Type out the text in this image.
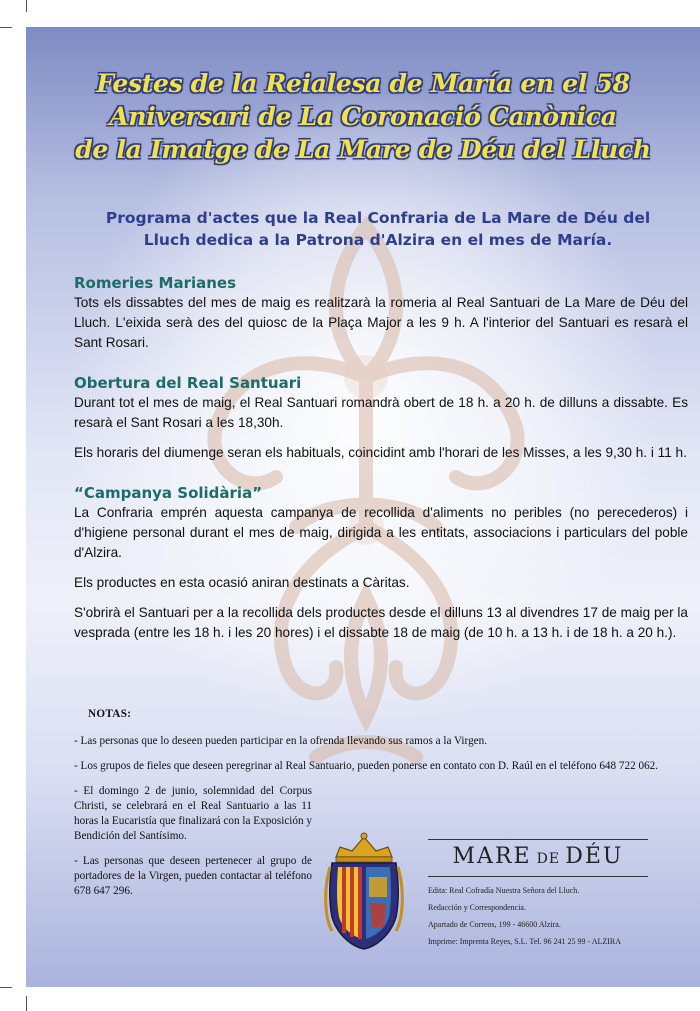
Festes de la Reialesa de María en el 58
Aniversari de La Coronació Canònica
de la Imatge de La Mare de Déu del Lluch
Programa d'actes que la Real Confraria de La Mare de Déu del
Lluch dedica a la Patrona d'Alzira en el mes de María.
Romeries Marianes

Tots els dissabtes del mes de maig es realitzarà la romeria al Real Santuari de La Mare de Déu del Lluch. L'eixida serà des del quiosc de la Plaça Major a les 9 h. A l'interior del Santuari es resarà el Sant Rosari.

Obertura del Real Santuari

Durant tot el mes de maig, el Real Santuari romandrà obert de 18 h. a 20 h. de dilluns a dissabte. Es resarà el Sant Rosari a les 18,30h.

Els horaris del diumenge seran els habituals, coincidint amb l'horari de les Misses, a les 9,30 h. i 11 h.

“Campanya Solidària”

La Confraria emprén aquesta campanya de recollida d'aliments no peribles (no perecederos) i d'higiene personal durant el mes de maig, dirigida a les entitats, associacions i particulars del poble d'Alzira.

Els productes en esta ocasió aniran destinats a Càritas.

S'obrirà el Santuari per a la recollida dels productes desde el dilluns 13 al divendres 17 de maig per la vesprada (entre les 18 h. i les 20 hores) i el dissabte 18 de maig (de 10 h. a 13 h. i de 18 h. a 20 h.).

NOTAS:
- Las personas que lo deseen pueden participar en la ofrenda llevando sus ramos a la Virgen.
- Los grupos de fieles que deseen peregrinar al Real Santuario, pueden ponerse en contato con D. Raúl en el teléfono 648 722 062.
- El domingo 2 de junio, solemnidad del Corpus Christi, se celebrará en el Real Santuario a las 11 horas la Eucaristía que finalizará con la Exposición y Bendición del Santísimo.
- Las personas que deseen pertenecer al grupo de portadores de la Virgen, pueden contactar al teléfono 678 647 296.
MARE DE DÉU
Edita: Real Cofradía Nuestra Señora del Lluch.
Redacción y Correspondencia.
Apartado de Correos, 199 - 46600 Alzira.
Imprime: Imprenta Reyes, S.L. Tel. 96 241 25 99 - ALZIRA
